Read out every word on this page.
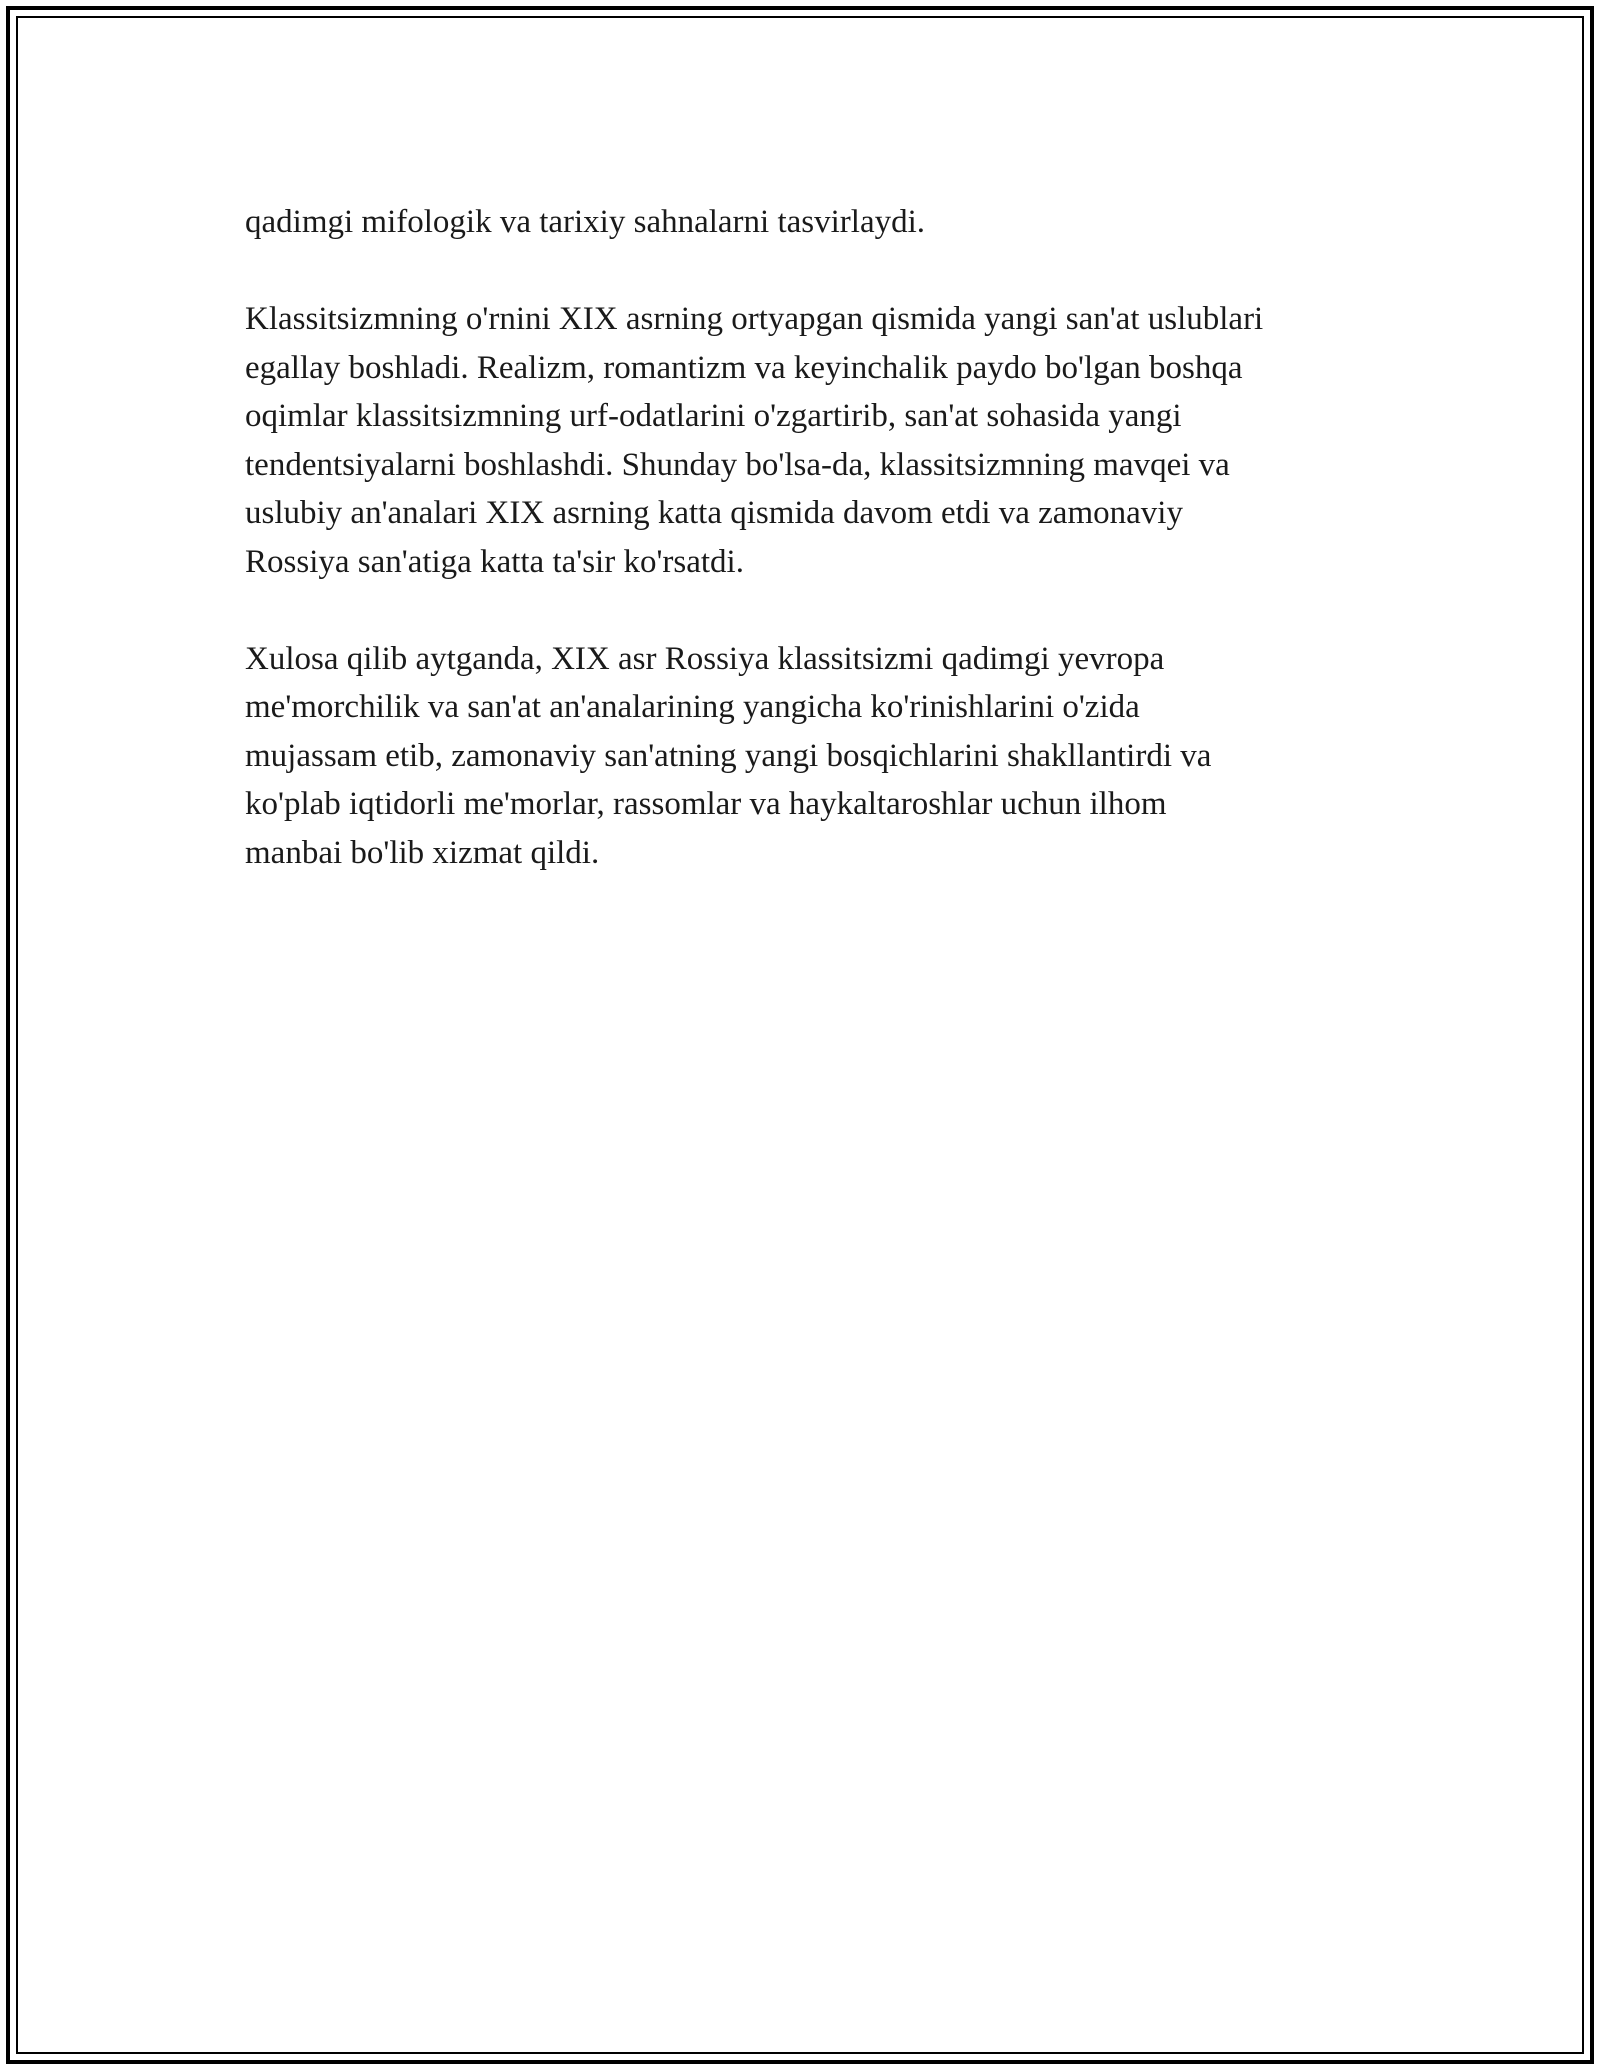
qadimgi mifologik va tarixiy sahnalarni tasvirlaydi.

Klassitsizmning o'rnini XIX asrning ortyapgan qismida yangi san'at uslublari
egallay boshladi. Realizm, romantizm va keyinchalik paydo bo'lgan boshqa
oqimlar klassitsizmning urf-odatlarini o'zgartirib, san'at sohasida yangi
tendentsiyalarni boshlashdi. Shunday bo'lsa-da, klassitsizmning mavqei va
uslubiy an'analari XIX asrning katta qismida davom etdi va zamonaviy
Rossiya san'atiga katta ta'sir ko'rsatdi.

Xulosa qilib aytganda, XIX asr Rossiya klassitsizmi qadimgi yevropa
me'morchilik va san'at an'analarining yangicha ko'rinishlarini o'zida
mujassam etib, zamonaviy san'atning yangi bosqichlarini shakllantirdi va
ko'plab iqtidorli me'morlar, rassomlar va haykaltaroshlar uchun ilhom
manbai bo'lib xizmat qildi.
